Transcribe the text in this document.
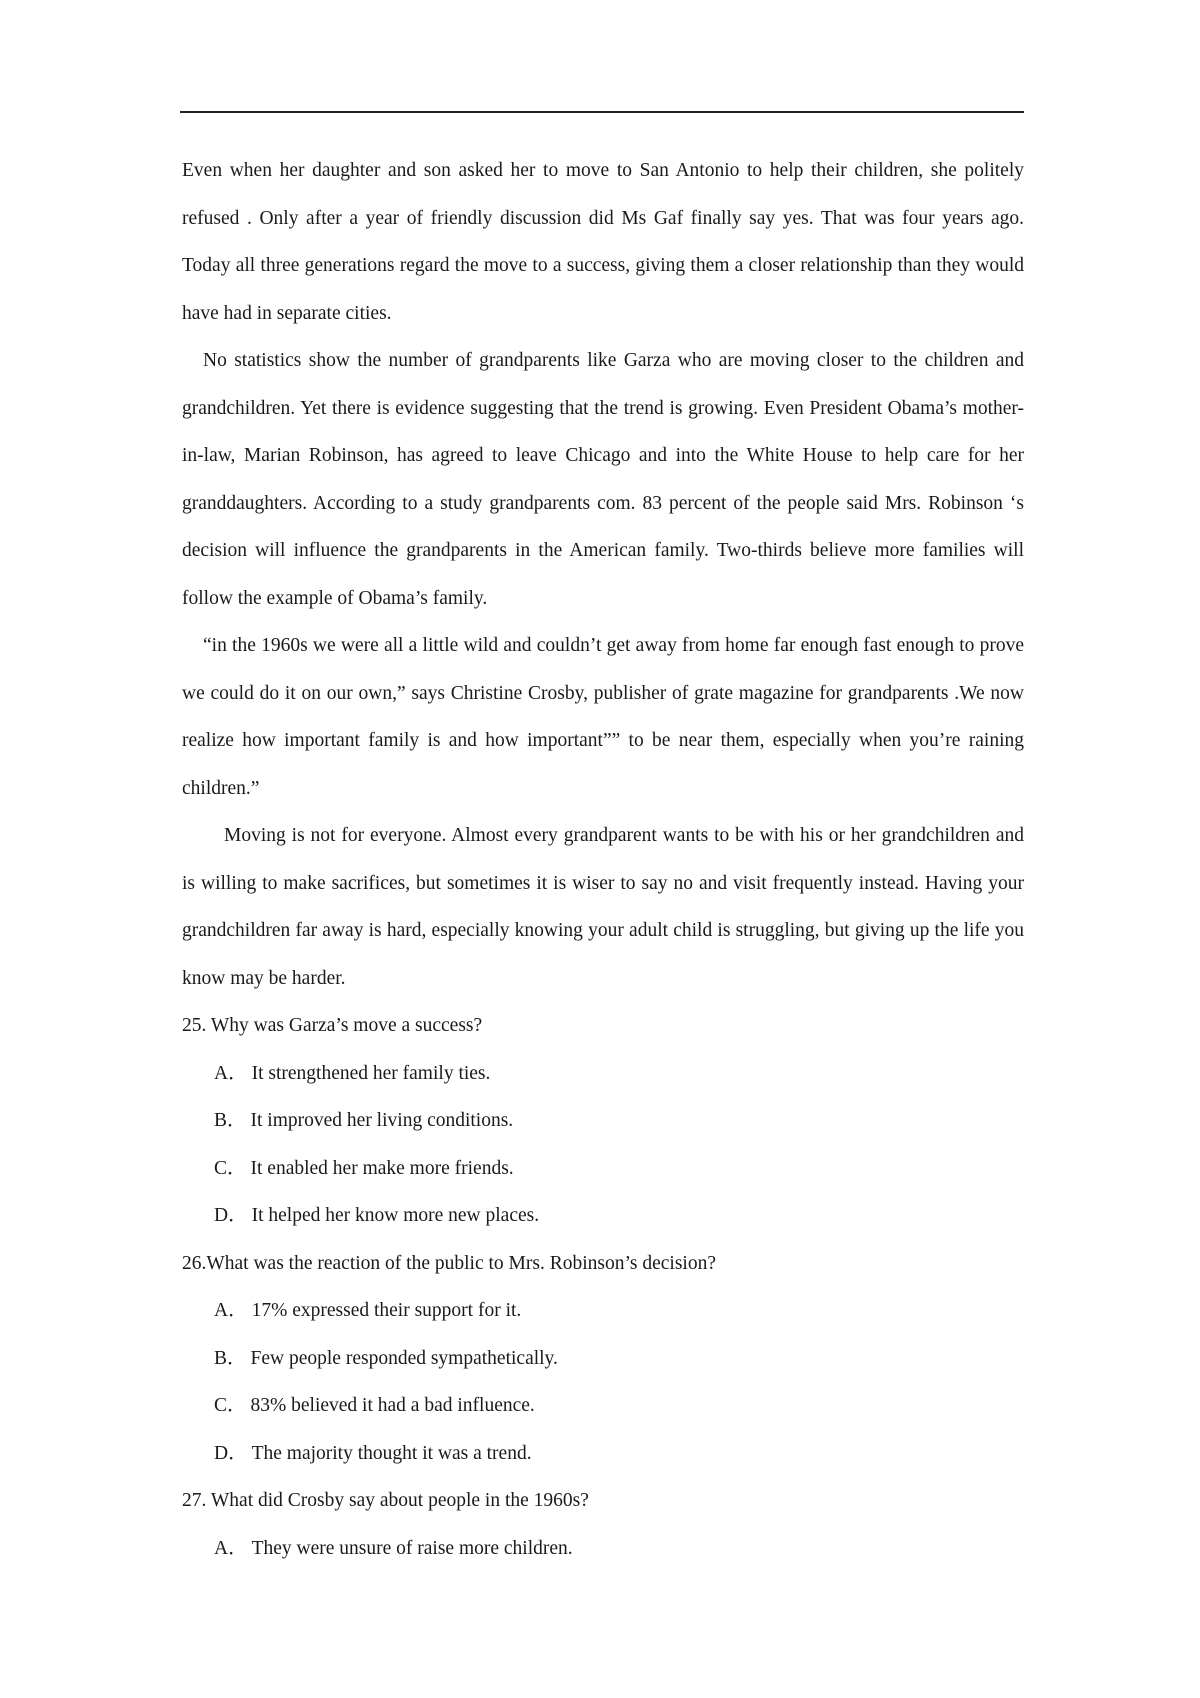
Even when her daughter and son asked her to move to San Antonio to help their children, she politely refused . Only after a year of friendly discussion did Ms Gaf finally say yes. That was four years ago. Today all three generations regard the move to a success, giving them a closer relationship than they would have had in separate cities.

No statistics show the number of grandparents like Garza who are moving closer to the children and grandchildren. Yet there is evidence suggesting that the trend is growing. Even President Obama’s mother-in-law, Marian Robinson, has agreed to leave Chicago and into the White House to help care for her granddaughters. According to a study grandparents com. 83 percent of the people said Mrs. Robinson ‘s decision will influence the grandparents in the American family. Two-thirds believe more families will follow the example of Obama’s family.

“in the 1960s we were all a little wild and couldn’t get away from home far enough fast enough to prove we could do it on our own,” says Christine Crosby, publisher of grate magazine for grandparents .We now realize how important family is and how important”” to be near them, especially when you’re raining children.”

Moving is not for everyone. Almost every grandparent wants to be with his or her grandchildren and is willing to make sacrifices, but sometimes it is wiser to say no and visit frequently instead. Having your grandchildren far away is hard, especially knowing your adult child is struggling, but giving up the life you know may be harder.

25. Why was Garza’s move a success?

A． It strengthened her family ties.

B． It improved her living conditions.

C． It enabled her make more friends.

D． It helped her know more new places.

26.What was the reaction of the public to Mrs. Robinson’s decision?

A． 17% expressed their support for it.

B． Few people responded sympathetically.

C． 83% believed it had a bad influence.

D． The majority thought it was a trend.

27. What did Crosby say about people in the 1960s?

A． They were unsure of raise more children.
